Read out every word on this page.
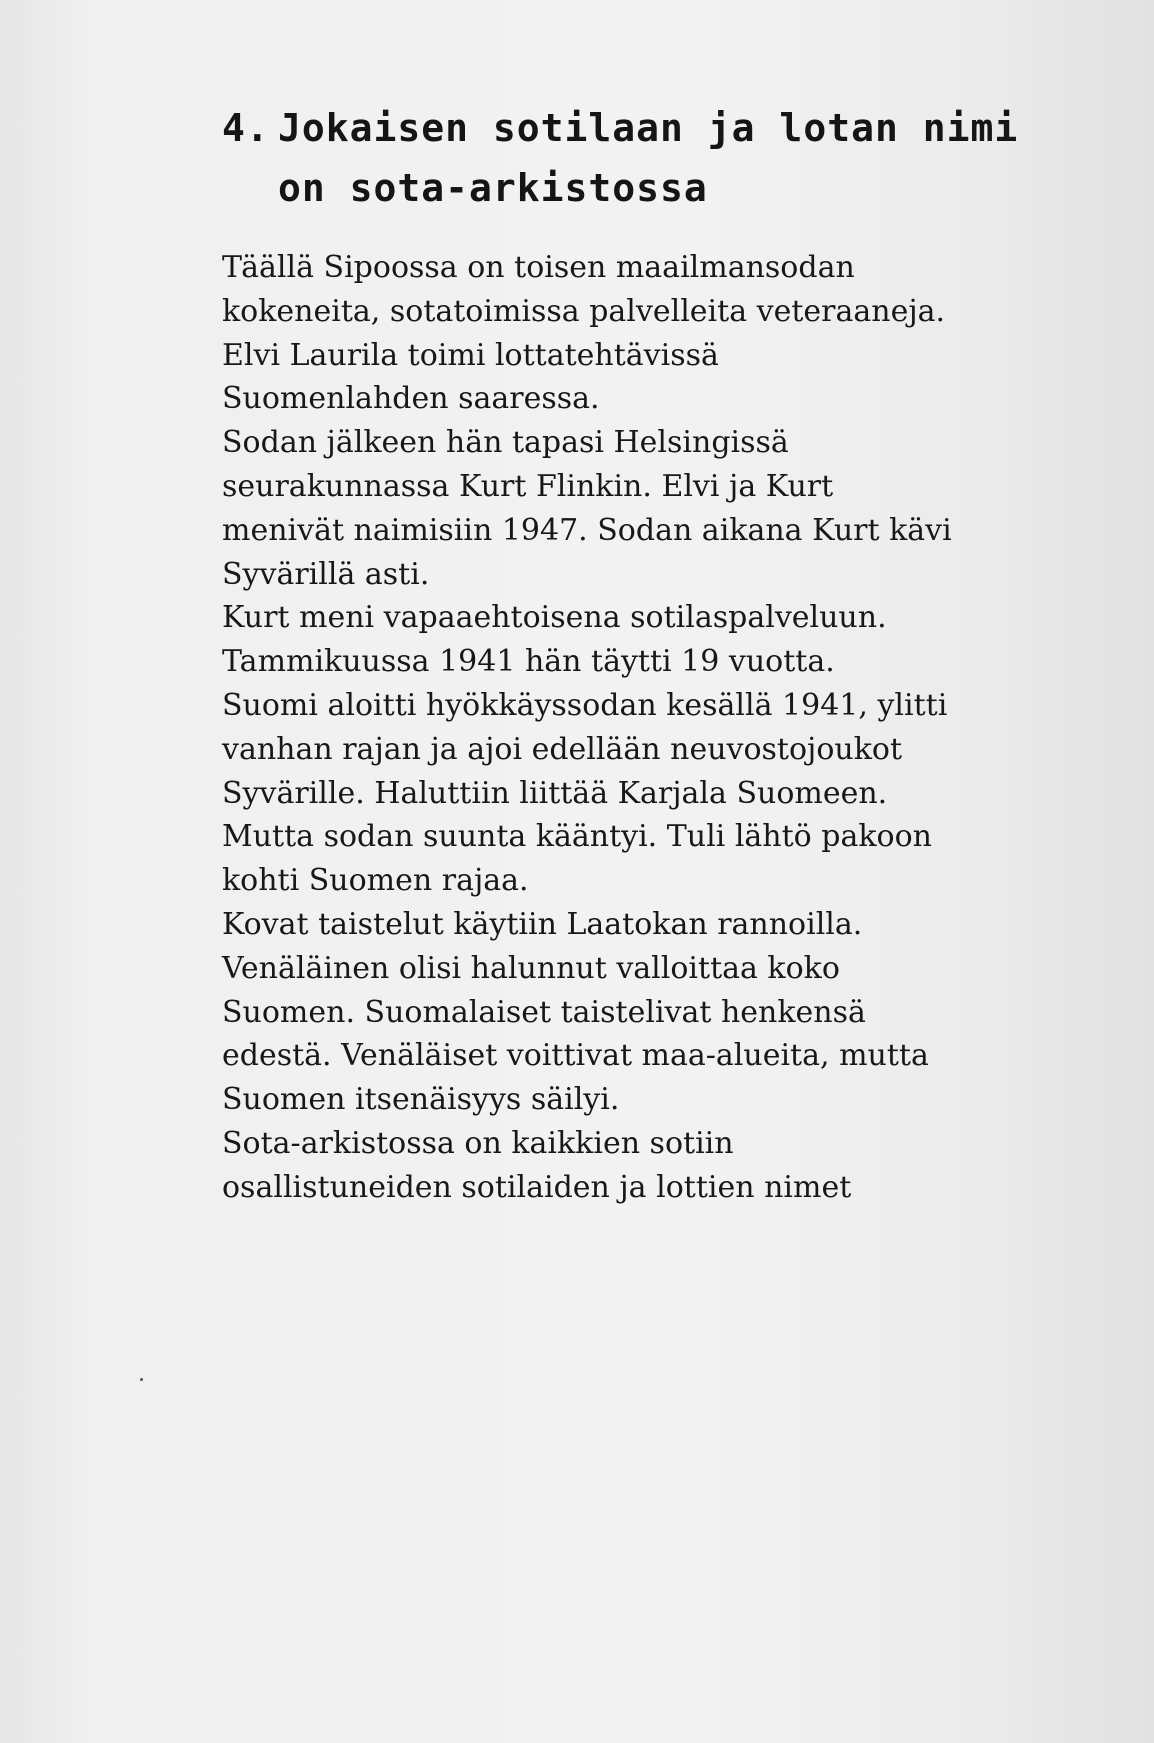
4. Jokaisen sotilaan ja lotan nimi
on sota-arkistossa
Täällä Sipoossa on toisen maailmansodan
kokeneita, sotatoimissa palvelleita veteraaneja.
Elvi Laurila toimi lottatehtävissä
Suomenlahden saaressa.
Sodan jälkeen hän tapasi Helsingissä
seurakunnassa Kurt Flinkin. Elvi ja Kurt
menivät naimisiin 1947. Sodan aikana Kurt kävi
Syvärillä asti.
Kurt meni vapaaehtoisena sotilaspalveluun.
Tammikuussa 1941 hän täytti 19 vuotta.
Suomi aloitti hyökkäyssodan kesällä 1941, ylitti
vanhan rajan ja ajoi edellään neuvostojoukot
Syvärille. Haluttiin liittää Karjala Suomeen.
Mutta sodan suunta kääntyi. Tuli lähtö pakoon
kohti Suomen rajaa.
Kovat taistelut käytiin Laatokan rannoilla.
Venäläinen olisi halunnut valloittaa koko
Suomen. Suomalaiset taistelivat henkensä
edestä. Venäläiset voittivat maa-alueita, mutta
Suomen itsenäisyys säilyi.
Sota-arkistossa on kaikkien sotiin
osallistuneiden sotilaiden ja lottien nimet
